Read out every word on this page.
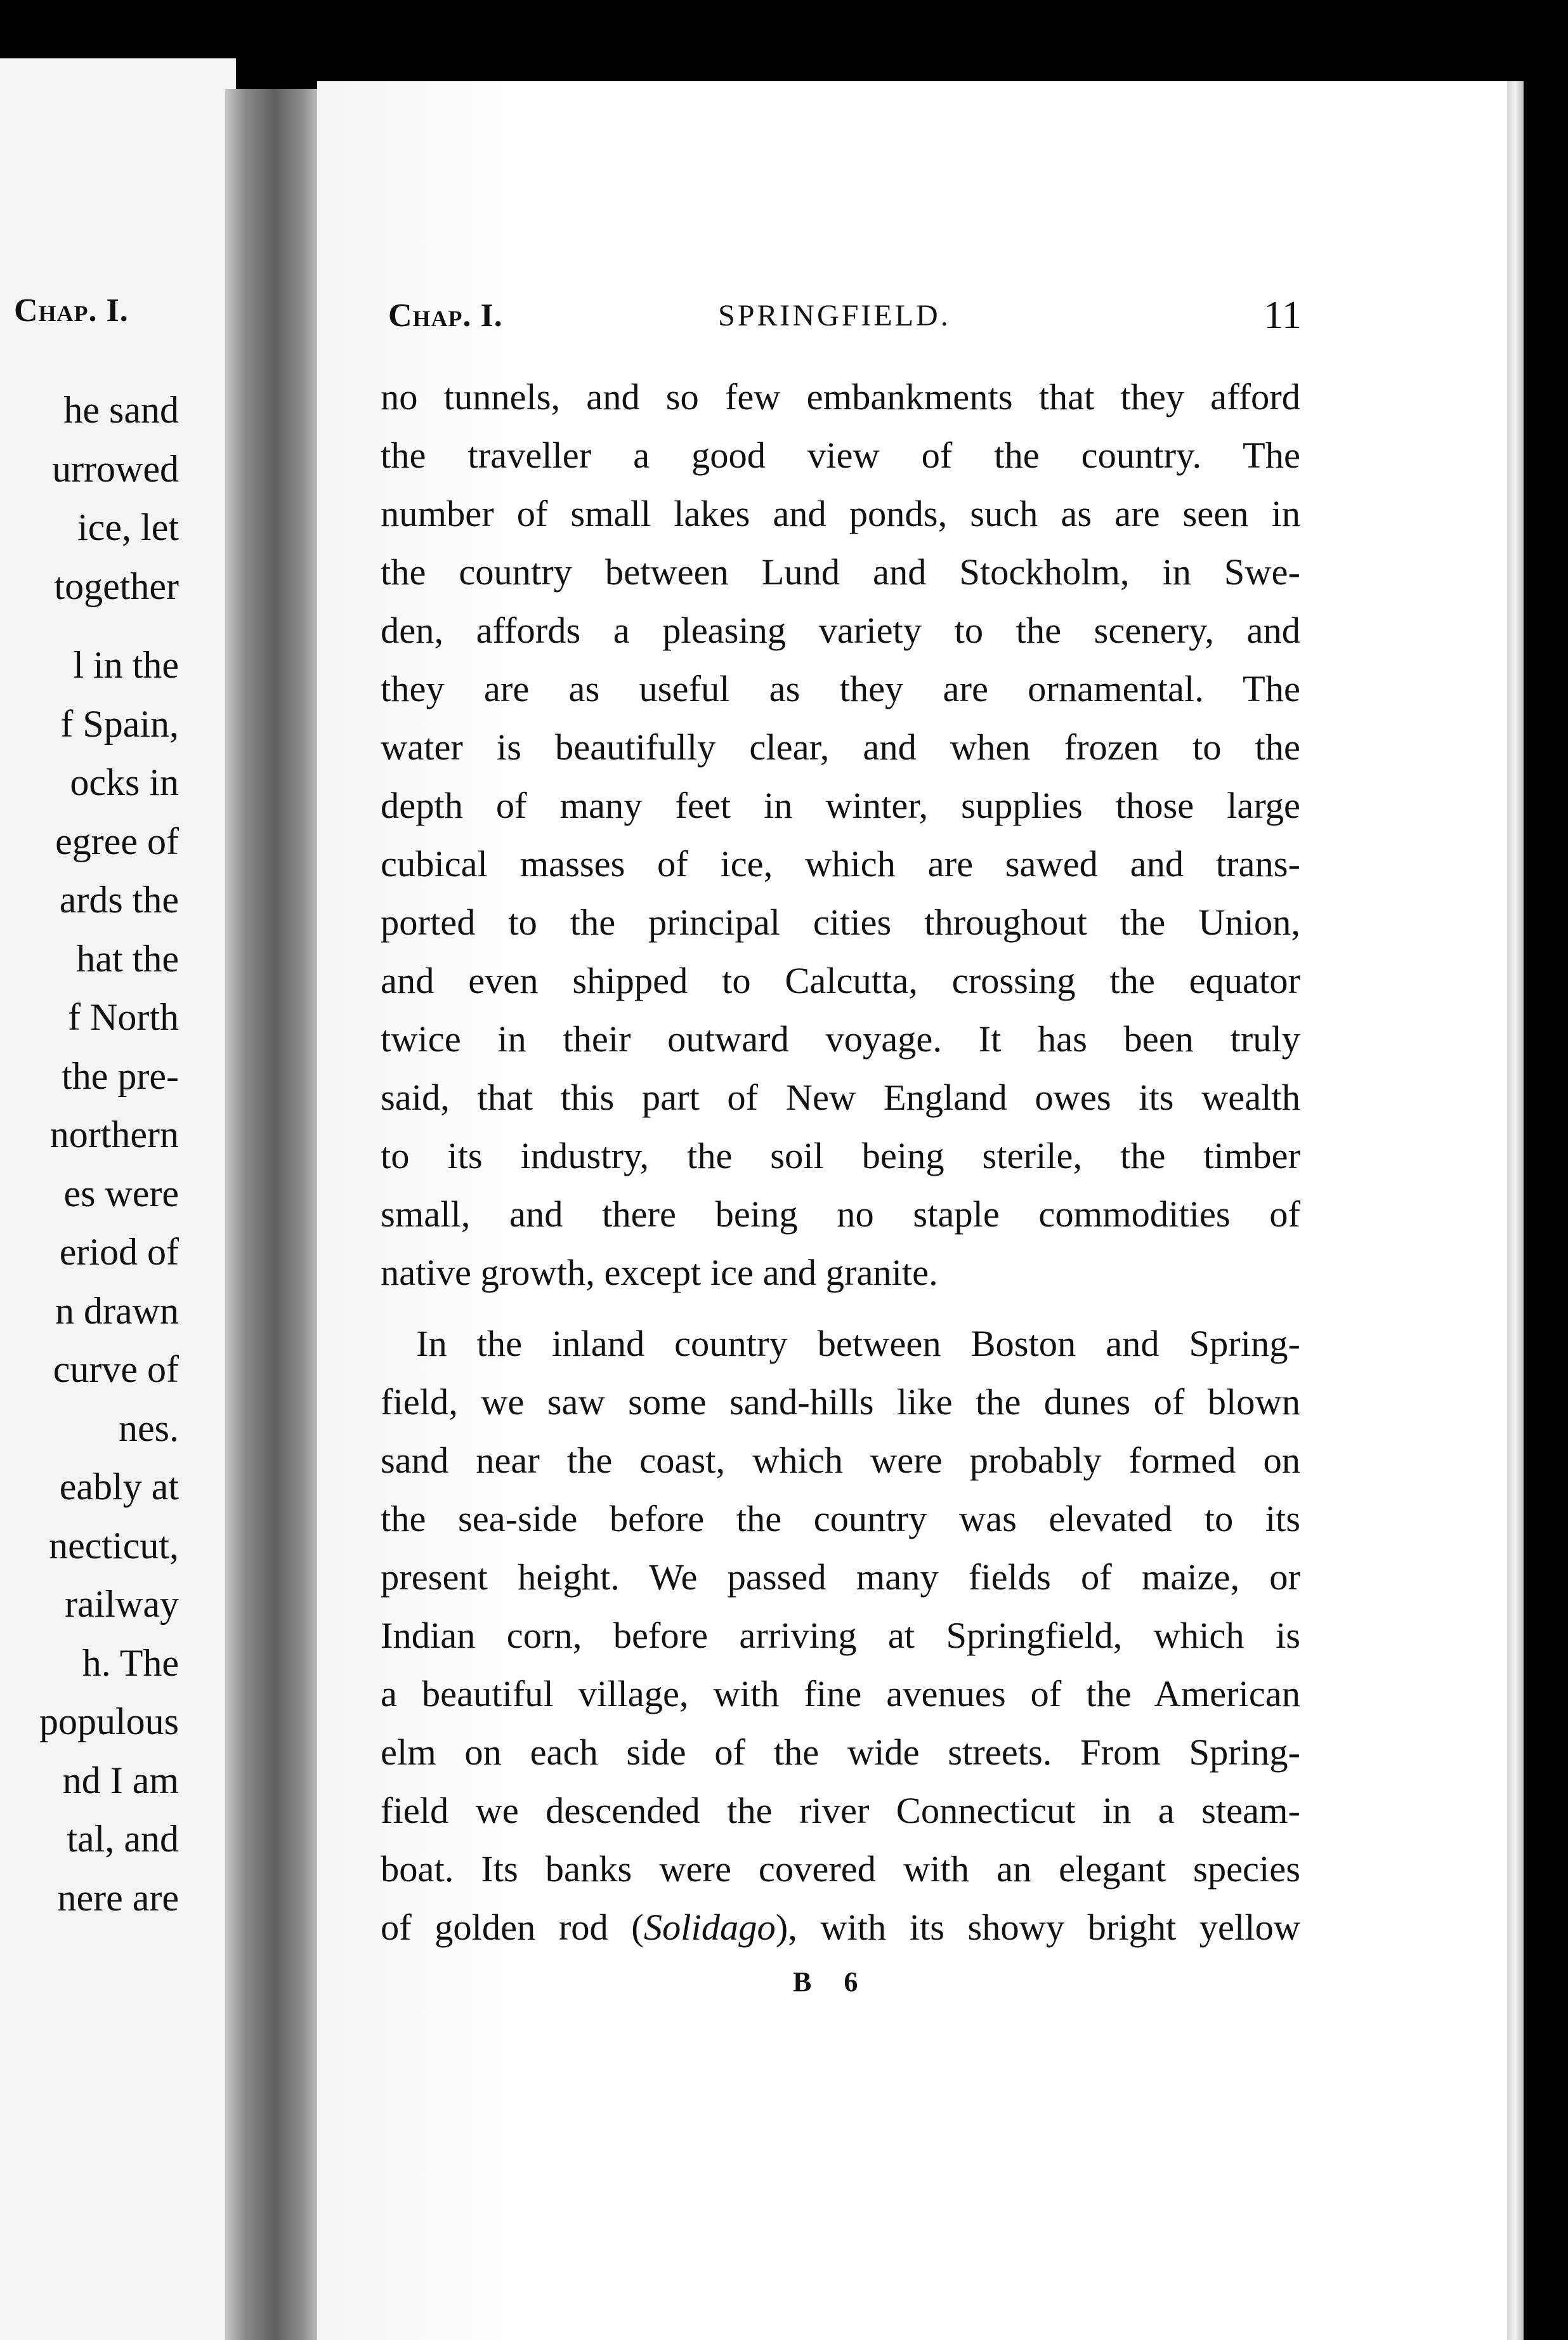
Chap. I.
he sand
urrowed
ice, let
together
l in the
f Spain,
ocks in
egree of
ards the
hat the
f North
the pre-
northern
es were
eriod of
n drawn
curve of
nes.
eably at
necticut,
railway
h. The
populous
nd I am
tal, and
nere are
Chap. I.	SPRINGFIELD.	11
no tunnels, and so few embankments that they afford
the traveller a good view of the country. The
number of small lakes and ponds, such as are seen in
the country between Lund and Stockholm, in Swe-
den, affords a pleasing variety to the scenery, and
they are as useful as they are ornamental. The
water is beautifully clear, and when frozen to the
depth of many feet in winter, supplies those large
cubical masses of ice, which are sawed and trans-
ported to the principal cities throughout the Union,
and even shipped to Calcutta, crossing the equator
twice in their outward voyage. It has been truly
said, that this part of New England owes its wealth
to its industry, the soil being sterile, the timber
small, and there being no staple commodities of
native growth, except ice and granite.
In the inland country between Boston and Spring-
field, we saw some sand-hills like the dunes of blown
sand near the coast, which were probably formed on
the sea-side before the country was elevated to its
present height. We passed many fields of maize, or
Indian corn, before arriving at Springfield, which is
a beautiful village, with fine avenues of the American
elm on each side of the wide streets. From Spring-
field we descended the river Connecticut in a steam-
boat. Its banks were covered with an elegant species
of golden rod (Solidago), with its showy bright yellow
B 6
